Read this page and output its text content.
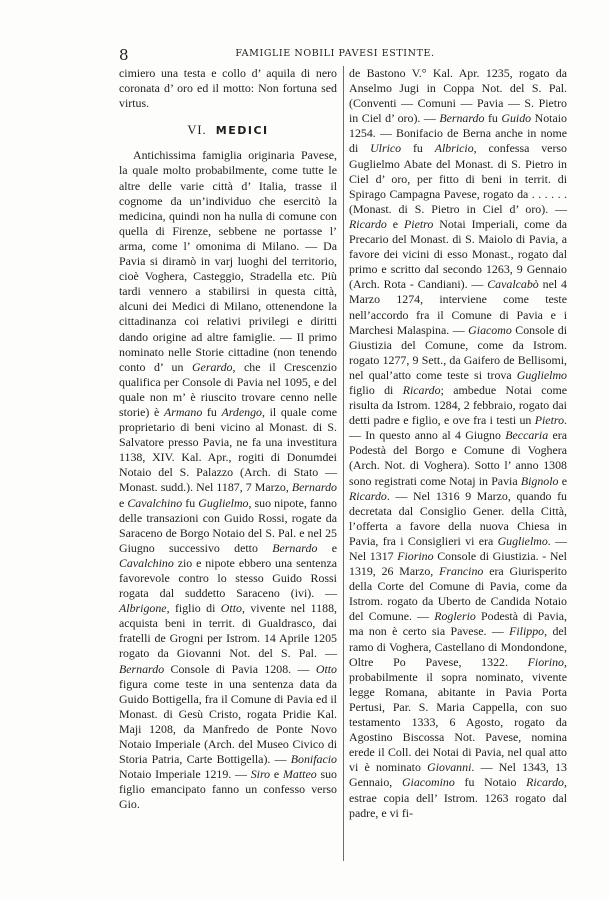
8	FAMIGLIE NOBILI PAVESI ESTINTE.

cimiero una testa e collo d’ aquila di nero coronata d’ oro ed il motto: Non fortuna sed virtus.

VI. MEDICI

Antichissima famiglia originaria Pavese, la quale molto probabilmente, come tutte le altre delle varie città d’ Italia, trasse il cognome da un’individuo che esercitò la medicina, quindi non ha nulla di comune con quella di Firenze, sebbene ne portasse l’ arma, come l’ omonima di Milano. — Da Pavia si diramò in varj luoghi del territorio, cioè Voghera, Casteggio, Stradella etc. Più tardi vennero a stabilirsi in questa città, alcuni dei Medici di Milano, ottenendone la cittadinanza coi relativi privilegi e diritti dando origine ad altre famiglie. — Il primo nominato nelle Storie cittadine (non tenendo conto d’ un Gerardo, che il Crescenzio qualifica per Console di Pavia nel 1095, e del quale non m’ è riuscito trovare cenno nelle storie) è Armano fu Ardengo, il quale come proprietario di beni vicino al Monast. di S. Salvatore presso Pavia, ne fa una investitura 1138, XIV. Kal. Apr., rogiti di Donumdei Notaio del S. Palazzo (Arch. di Stato — Monast. sudd.). Nel 1187, 7 Marzo, Bernardo e Cavalchino fu Guglielmo, suo nipote, fanno delle transazioni con Guido Rossi, rogate da Saraceno de Borgo Notaio del S. Pal. e nel 25 Giugno successivo detto Bernardo e Cavalchino zio e nipote ebbero una sentenza favorevole contro lo stesso Guido Rossi rogata dal suddetto Saraceno (ivi). — Albrigone, figlio di Otto, vivente nel 1188, acquista beni in territ. di Gualdrasco, dai fratelli de Grogni per Istrom. 14 Aprile 1205 rogato da Giovanni Not. del S. Pal. — Bernardo Console di Pavia 1208. — Otto figura come teste in una sentenza data da Guido Bottigella, fra il Comune di Pavia ed il Monast. di Gesù Cristo, rogata Pridie Kal. Maji 1208, da Manfredo de Ponte Novo Notaio Imperiale (Arch. del Museo Civico di Storia Patria, Carte Bottigella). — Bonifacio Notaio Imperiale 1219. — Siro e Matteo suo figlio emancipato fanno un confesso verso Gio.

de Bastono V.° Kal. Apr. 1235, rogato da Anselmo Jugi in Coppa Not. del S. Pal. (Conventi — Comuni — Pavia — S. Pietro in Ciel d’ oro). — Bernardo fu Guido Notaio 1254. — Bonifacio de Berna anche in nome di Ulrico fu Albricio, confessa verso Guglielmo Abate del Monast. di S. Pietro in Ciel d’ oro, per fitto di beni in territ. di Spirago Campagna Pavese, rogato da . . . . . . (Monast. di S. Pietro in Ciel d’ oro). — Ricardo e Pietro Notai Imperiali, come da Precario del Monast. di S. Maiolo di Pavia, a favore dei vicini di esso Monast., rogato dal primo e scritto dal secondo 1263, 9 Gennaio (Arch. Rota - Candiani). — Cavalcabò nel 4 Marzo 1274, interviene come teste nell’accordo fra il Comune di Pavia e i Marchesi Malaspina. — Giacomo Console di Giustizia del Comune, come da Istrom. rogato 1277, 9 Sett., da Gaifero de Bellisomi, nel qual’atto come teste si trova Guglielmo figlio di Ricardo; ambedue Notai come risulta da Istrom. 1284, 2 febbraio, rogato dai detti padre e figlio, e ove fra i testi un Pietro. — In questo anno al 4 Giugno Beccaria era Podestà del Borgo e Comune di Voghera (Arch. Not. di Voghera). Sotto l’ anno 1308 sono registrati come Notaj in Pavia Bignolo e Ricardo. — Nel 1316 9 Marzo, quando fu decretata dal Consiglio Gener. della Città, l’offerta a favore della nuova Chiesa in Pavia, fra i Consiglieri vi era Guglielmo. — Nel 1317 Fiorino Console di Giustizia. - Nel 1319, 26 Marzo, Francino era Giurisperito della Corte del Comune di Pavia, come da Istrom. rogato da Uberto de Candida Notaio del Comune. — Roglerio Podestà di Pavia, ma non è certo sia Pavese. — Filippo, del ramo di Voghera, Castellano di Mondondone, Oltre Po Pavese, 1322. Fiorino, probabilmente il sopra nominato, vivente legge Romana, abitante in Pavia Porta Pertusi, Par. S. Maria Cappella, con suo testamento 1333, 6 Agosto, rogato da Agostino Biscossa Not. Pavese, nomina erede il Coll. dei Notai di Pavia, nel qual atto vi è nominato Giovanni. — Nel 1343, 13 Gennaio, Giacomino fu Notaio Ricardo, estrae copia dell’ Istrom. 1263 rogato dal padre, e vi fi-
